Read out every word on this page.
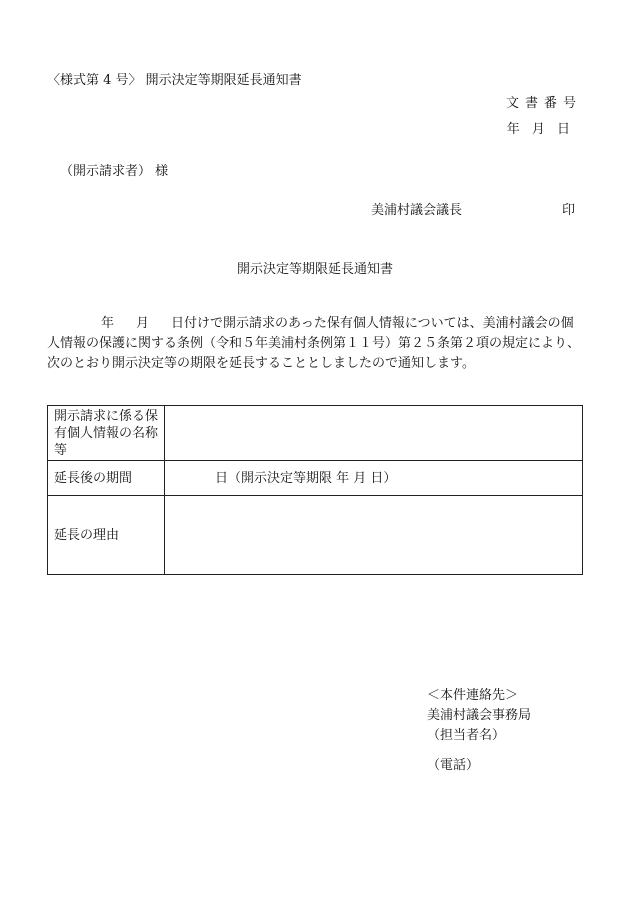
〈様式第 4 号〉 開示決定等期限延長通知書
文書番号
年 月 日
（開示請求者） 様
美浦村議会議長	印
開示決定等期限延長通知書
年 月 日付けで開示請求のあった保有個人情報については、美浦村議会の個人情報の保護に関する条例（令和５年美浦村条例第１１号）第２５条第２項の規定により、次のとおり開示決定等の期限を延長することとしましたので通知します。
開示請求に係る保有個人情報の名称等	
延長後の期間	日（開示決定等期限 年 月 日）
延長の理由	
＜本件連絡先＞
美浦村議会事務局
（担当者名）
（電話）
